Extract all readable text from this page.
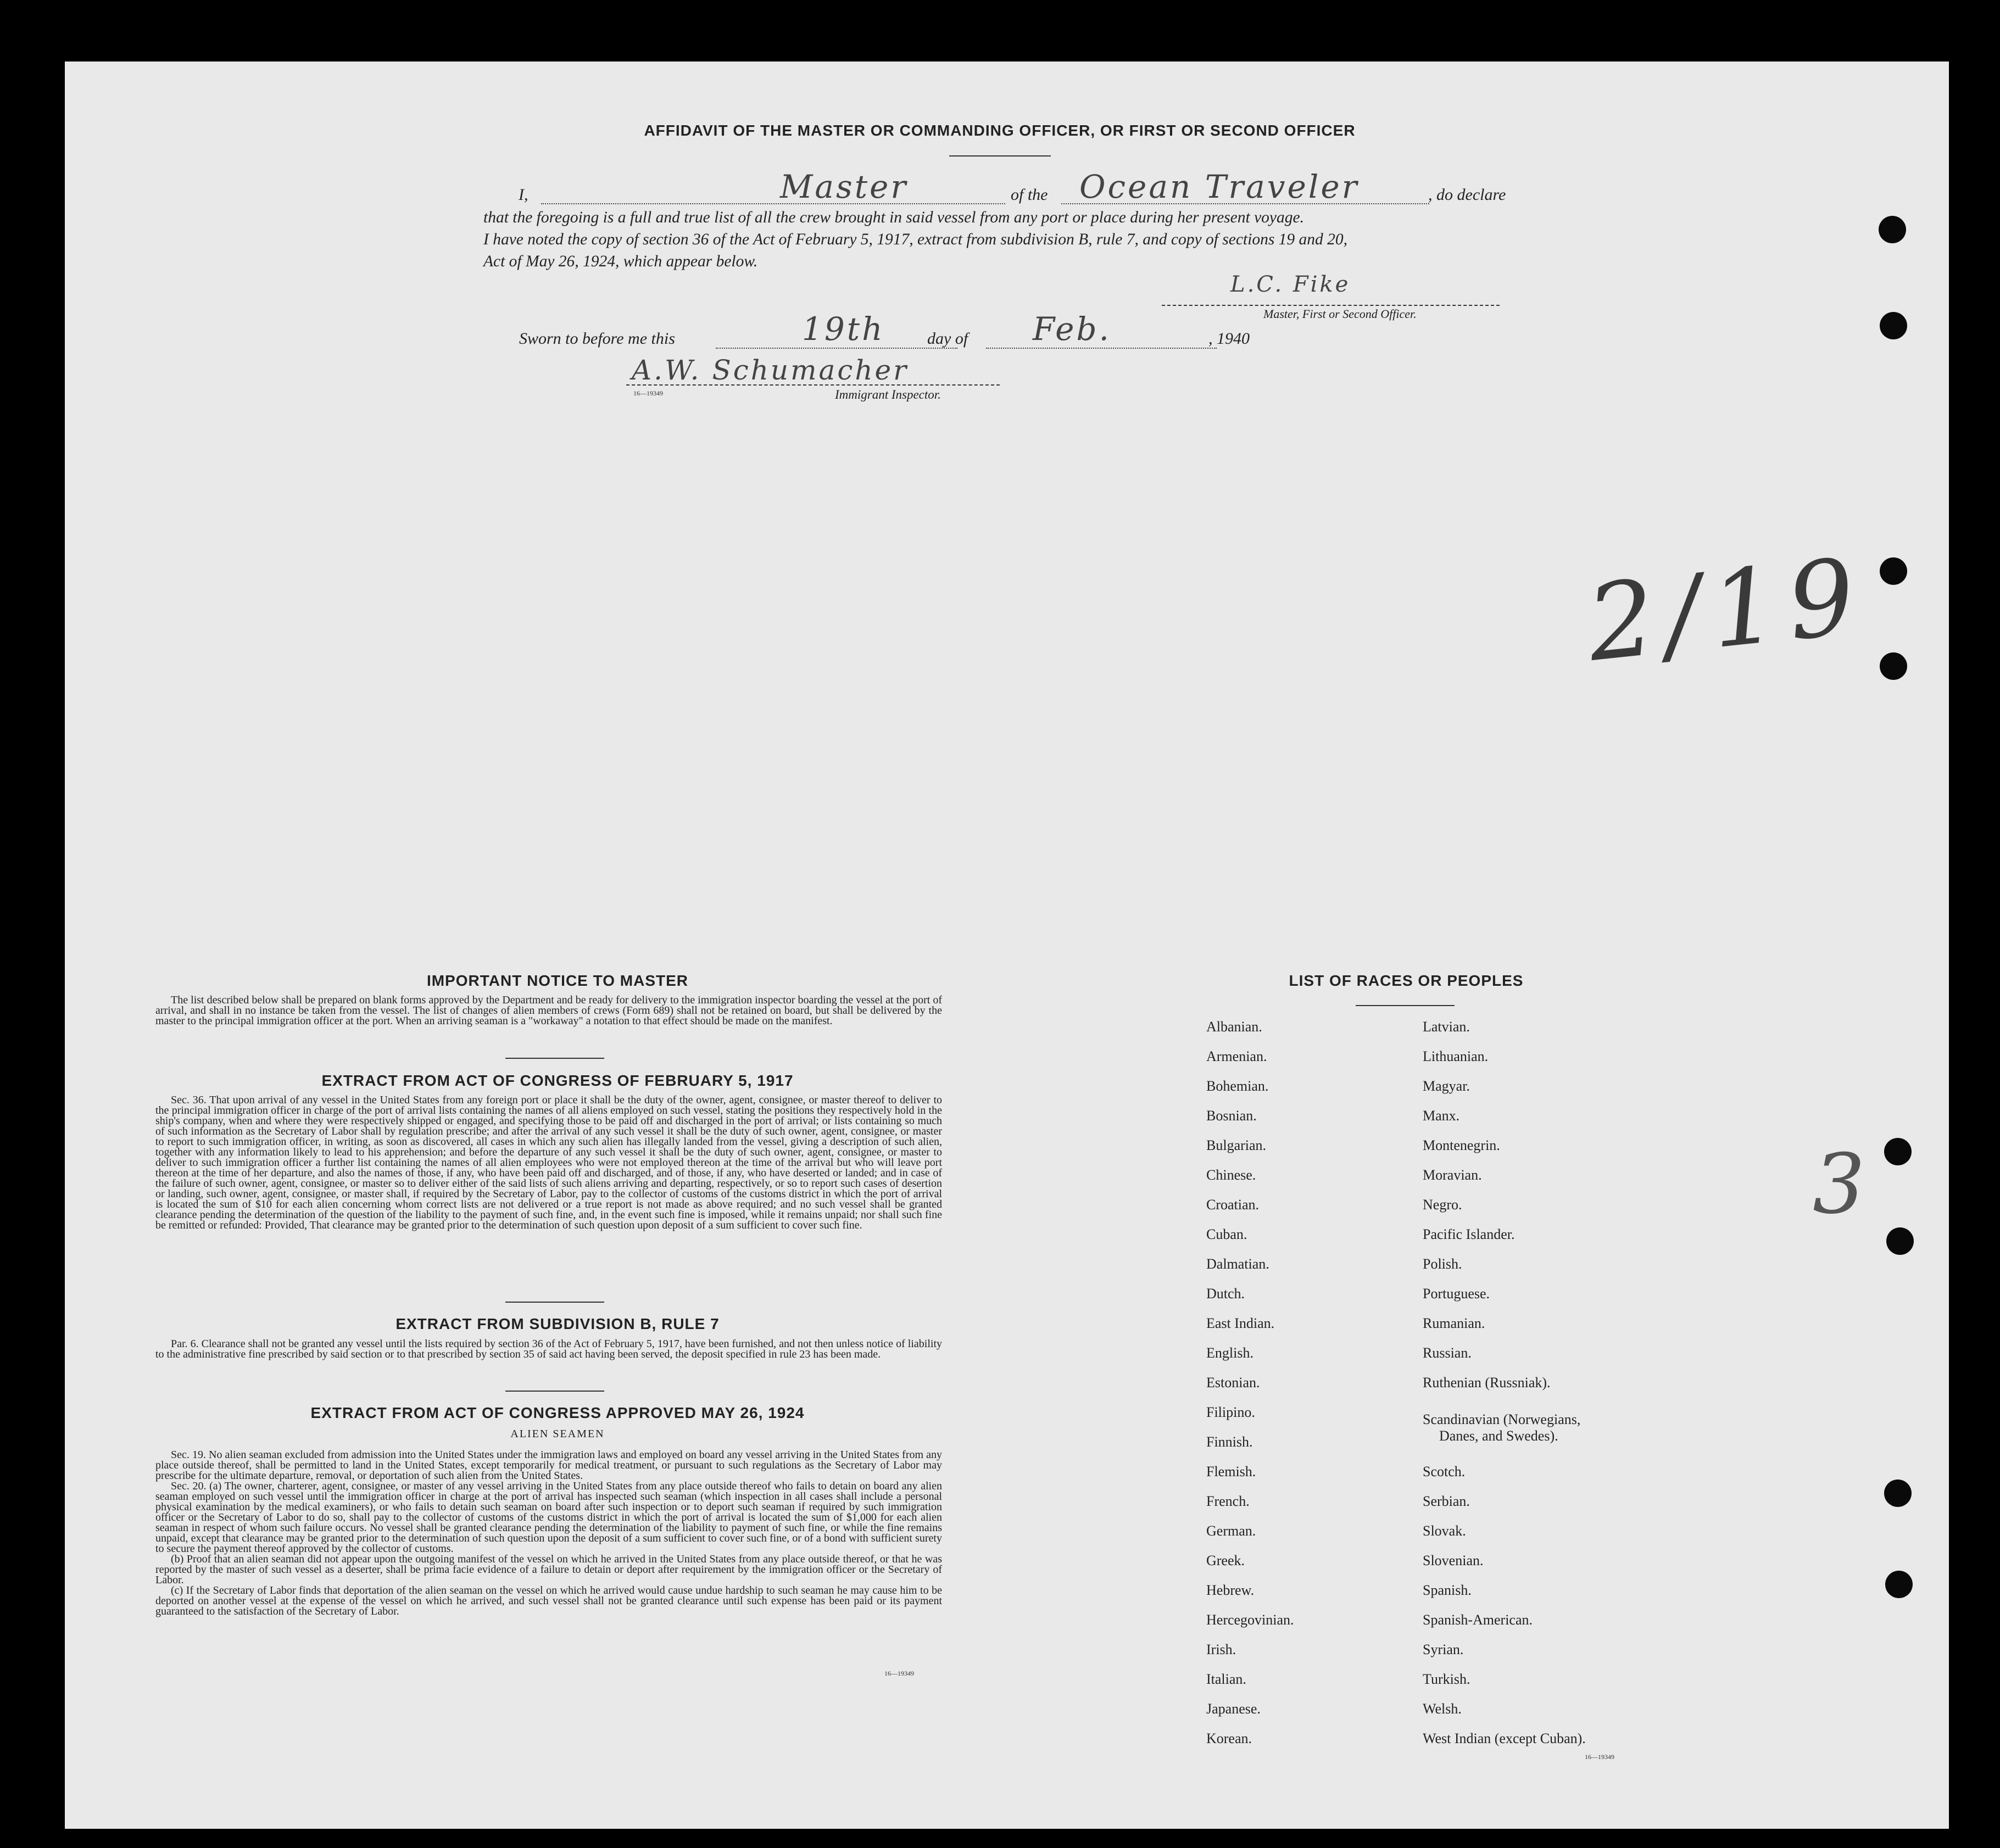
AFFIDAVIT OF THE MASTER OR COMMANDING OFFICER, OR FIRST OR SECOND OFFICER
I,	Master	of the Ocean Traveler	, do declare
that the foregoing is a full and true list of all the crew brought in said vessel from any port or place during her present voyage.
I have noted the copy of section 36 of the Act of February 5, 1917, extract from subdivision B, rule 7, and copy of sections 19 and 20,
Act of May 26, 1924, which appear below.
L.C. Fike
Master, First or Second Officer.
Sworn to before me this	19th	day of Feb.	, 1940
A.W. Schumacher
16—19349	Immigrant Inspector.
2/19
3
IMPORTANT NOTICE TO MASTER

The list described below shall be prepared on blank forms approved by the Department and be ready for delivery to the immigration inspector boarding the vessel at the port of arrival, and shall in no instance be taken from the vessel. The list of changes of alien members of crews (Form 689) shall not be retained on board, but shall be delivered by the master to the principal immigration officer at the port. When an arriving seaman is a "workaway" a notation to that effect should be made on the manifest.

EXTRACT FROM ACT OF CONGRESS OF FEBRUARY 5, 1917

Sec. 36. That upon arrival of any vessel in the United States from any foreign port or place it shall be the duty of the owner, agent, consignee, or master thereof to deliver to the principal immigration officer in charge of the port of arrival lists containing the names of all aliens employed on such vessel, stating the positions they respectively hold in the ship's company, when and where they were respectively shipped or engaged, and specifying those to be paid off and discharged in the port of arrival; or lists containing so much of such information as the Secretary of Labor shall by regulation prescribe; and after the arrival of any such vessel it shall be the duty of such owner, agent, consignee, or master to report to such immigration officer, in writing, as soon as discovered, all cases in which any such alien has illegally landed from the vessel, giving a description of such alien, together with any information likely to lead to his apprehension; and before the departure of any such vessel it shall be the duty of such owner, agent, consignee, or master to deliver to such immigration officer a further list containing the names of all alien employees who were not employed thereon at the time of the arrival but who will leave port thereon at the time of her departure, and also the names of those, if any, who have been paid off and discharged, and of those, if any, who have deserted or landed; and in case of the failure of such owner, agent, consignee, or master so to deliver either of the said lists of such aliens arriving and departing, respectively, or so to report such cases of desertion or landing, such owner, agent, consignee, or master shall, if required by the Secretary of Labor, pay to the collector of customs of the customs district in which the port of arrival is located the sum of $10 for each alien concerning whom correct lists are not delivered or a true report is not made as above required; and no such vessel shall be granted clearance pending the determination of the question of the liability to the payment of such fine, and, in the event such fine is imposed, while it remains unpaid; nor shall such fine be remitted or refunded: Provided, That clearance may be granted prior to the determination of such question upon deposit of a sum sufficient to cover such fine.

EXTRACT FROM SUBDIVISION B, RULE 7

Par. 6. Clearance shall not be granted any vessel until the lists required by section 36 of the Act of February 5, 1917, have been furnished, and not then unless notice of liability to the administrative fine prescribed by said section or to that prescribed by section 35 of said act having been served, the deposit specified in rule 23 has been made.

EXTRACT FROM ACT OF CONGRESS APPROVED MAY 26, 1924
ALIEN SEAMEN

Sec. 19. No alien seaman excluded from admission into the United States under the immigration laws and employed on board any vessel arriving in the United States from any place outside thereof, shall be permitted to land in the United States, except temporarily for medical treatment, or pursuant to such regulations as the Secretary of Labor may prescribe for the ultimate departure, removal, or deportation of such alien from the United States.

Sec. 20. (a) The owner, charterer, agent, consignee, or master of any vessel arriving in the United States from any place outside thereof who fails to detain on board any alien seaman employed on such vessel until the immigration officer in charge at the port of arrival has inspected such seaman (which inspection in all cases shall include a personal physical examination by the medical examiners), or who fails to detain such seaman on board after such inspection or to deport such seaman if required by such immigration officer or the Secretary of Labor to do so, shall pay to the collector of customs of the customs district in which the port of arrival is located the sum of $1,000 for each alien seaman in respect of whom such failure occurs. No vessel shall be granted clearance pending the determination of the liability to payment of such fine, or while the fine remains unpaid, except that clearance may be granted prior to the determination of such question upon the deposit of a sum sufficient to cover such fine, or of a bond with sufficient surety to secure the payment thereof approved by the collector of customs.

(b) Proof that an alien seaman did not appear upon the outgoing manifest of the vessel on which he arrived in the United States from any place outside thereof, or that he was reported by the master of such vessel as a deserter, shall be prima facie evidence of a failure to detain or deport after requirement by the immigration officer or the Secretary of Labor.

(c) If the Secretary of Labor finds that deportation of the alien seaman on the vessel on which he arrived would cause undue hardship to such seaman he may cause him to be deported on another vessel at the expense of the vessel on which he arrived, and such vessel shall not be granted clearance until such expense has been paid or its payment guaranteed to the satisfaction of the Secretary of Labor.

16—19349
LIST OF RACES OR PEOPLES
Albanian.
Armenian.
Bohemian.
Bosnian.
Bulgarian.
Chinese.
Croatian.
Cuban.
Dalmatian.
Dutch.
East Indian.
English.
Estonian.
Filipino.
Finnish.
Flemish.
French.
German.
Greek.
Hebrew.
Hercegovinian.
Irish.
Italian.
Japanese.
Korean.
Latvian.
Lithuanian.
Magyar.
Manx.
Montenegrin.
Moravian.
Negro.
Pacific Islander.
Polish.
Portuguese.
Rumanian.
Russian.
Ruthenian (Russniak).
Scandinavian (Norwegians,
Danes, and Swedes).
Scotch.
Serbian.
Slovak.
Slovenian.
Spanish.
Spanish-American.
Syrian.
Turkish.
Welsh.
West Indian (except Cuban).
16—19349
